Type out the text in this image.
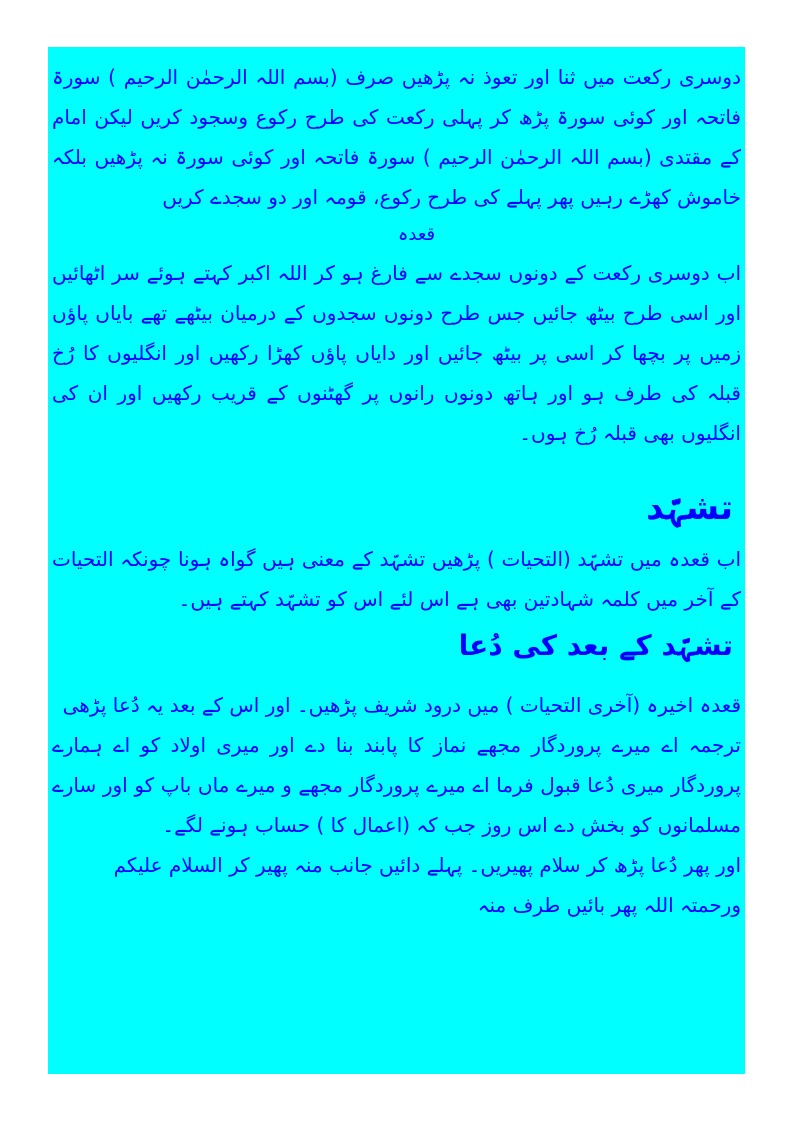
دوسری رکعت میں ثنا اور تعوذ نہ پڑھیں صرف (بسم اللہ الرحمٰن الرحیم ) سورۃ فاتحہ اور کوئی سورۃ پڑھ کر پہلی رکعت کی طرح رکوع وسجود کریں لیکن امام کے مقتدی (بسم اللہ الرحمٰن الرحیم ) سورۃ فاتحہ اور کوئی سورۃ نہ پڑھیں بلکہ خاموش کھڑے رہیں پھر پہلے کی طرح رکوع، قومہ اور دو سجدے کریں

قعدہ

اب دوسری رکعت کے دونوں سجدے سے فارغ ہو کر اللہ اکبر کہتے ہوئے سر اٹھائیں اور اسی طرح بیٹھ جائیں جس طرح دونوں سجدوں کے درمیان بیٹھے تھے بایاں پاؤں زمیں پر بچھا کر اسی پر بیٹھ جائیں اور دایاں پاؤں کھڑا رکھیں اور انگلیوں کا رُخ قبلہ کی طرف ہو اور ہاتھ دونوں رانوں پر گھٹنوں کے قریب رکھیں اور ان کی انگلیوں بھی قبلہ رُخ ہوں۔

تشہّد

اب قعدہ میں تشہّد (التحیات ) پڑھیں تشہّد کے معنی ہیں گواہ ہونا چونکہ التحیات کے آخر میں کلمہ شہادتین بھی ہے اس لئے اس کو تشہّد کہتے ہیں۔

تشہّد کے بعد کی دُعا

قعدہ اخیرہ (آخری التحیات ) میں درود شریف پڑھیں۔ اور اس کے بعد یہ دُعا پڑھی

ترجمہ اے میرے پروردگار مجھے نماز کا پابند بنا دے اور میری اولاد کو اے ہمارے پروردگار میری دُعا قبول فرما اے میرے پروردگار مجھے و میرے ماں باپ کو اور سارے مسلمانوں کو بخش دے اس روز جب کہ (اعمال کا ) حساب ہونے لگے۔

اور پھر دُعا پڑھ کر سلام پھیریں۔ پہلے دائیں جانب منہ پھیر کر السلام علیکم ورحمتہ اللہ پھر بائیں طرف منہ
